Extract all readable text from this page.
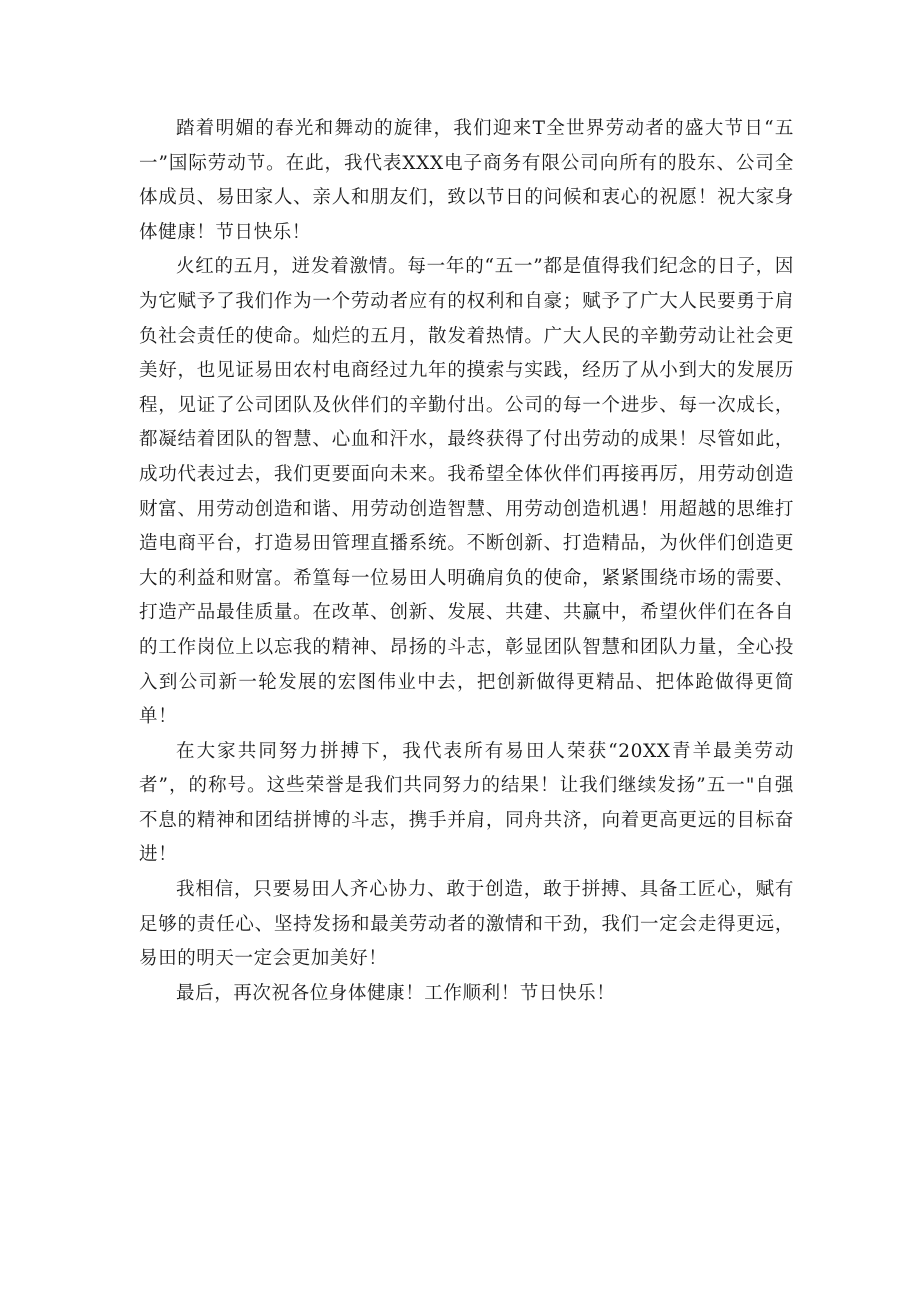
踏着明媚的春光和舞动的旋律，我们迎来T全世界劳动者的盛大节日“五一”国际劳动节。在此，我代表XXX电子商务有限公司向所有的股东、公司全体成员、易田家人、亲人和朋友们，致以节日的问候和衷心的祝愿！祝大家身体健康！节日快乐！

火红的五月，迸发着激情。每一年的“五一”都是值得我们纪念的日子，因为它赋予了我们作为一个劳动者应有的权利和自豪；赋予了广大人民要勇于肩负社会责任的使命。灿烂的五月，散发着热情。广大人民的辛勤劳动让社会更美好，也见证易田农村电商经过九年的摸索与实践，经历了从小到大的发展历程，见证了公司团队及伙伴们的辛勤付出。公司的每一个进步、每一次成长，都凝结着团队的智慧、心血和汗水，最终获得了付出劳动的成果！尽管如此，成功代表过去，我们更要面向未来。我希望全体伙伴们再接再厉，用劳动创造财富、用劳动创造和谐、用劳动创造智慧、用劳动创造机遇！用超越的思维打造电商平台，打造易田管理直播系统。不断创新、打造精品，为伙伴们创造更大的利益和财富。希篁每一位易田人明确肩负的使命，紧紧围绕市场的需要、打造产品最佳质量。在改革、创新、发展、共建、共赢中，希望伙伴们在各自的工作岗位上以忘我的精神、昂扬的斗志，彰显团队智慧和团队力量，全心投入到公司新一轮发展的宏图伟业中去，把创新做得更精品、把体跄做得更简单！

在大家共同努力拼搏下，我代表所有易田人荣获“20XX青羊最美劳动者”，的称号。这些荣誉是我们共同努力的结果！让我们继续发扬”五一"自强不息的精神和团结拼博的斗志，携手并肩，同舟共济，向着更高更远的目标奋进！

我相信，只要易田人齐心协力、敢于创造，敢于拼搏、具备工匠心，赋有足够的责任心、坚持发扬和最美劳动者的激情和干劲，我们一定会走得更远，易田的明天一定会更加美好！

最后，再次祝各位身体健康！工作顺利！节日快乐！
